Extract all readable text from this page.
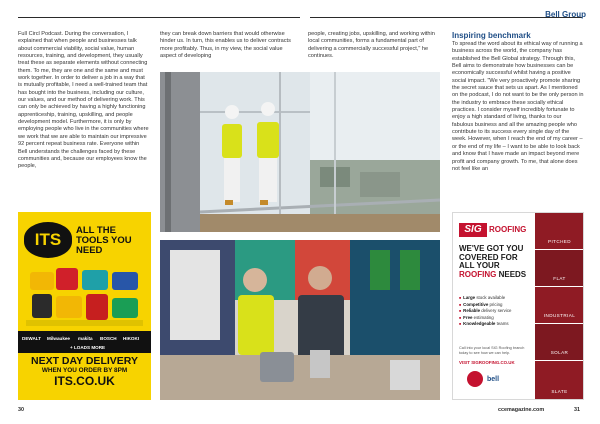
Bell Group

Full Circl Podcast. During the conversation, I explained that when people and businesses talk about commercial viability, social value, human resources, training, and development, they usually treat these as separate elements without connecting them. To me, they are one and the same and must work together. In order to deliver a job in a way that is mutually profitable, I need a well-trained team that has bought into the business, including our culture, our values, and our method of delivering work. This can only be achieved by having a highly functioning apprenticeship, training, upskilling, and people development model. Furthermore, it is only by employing people who live in the communities where we work that we are able to maintain our impressive 92 percent repeat business rate. Everyone within Bell understands the challenges faced by these communities and, because our employees know the people,

they can break down barriers that would otherwise hinder us. In turn, this enables us to deliver contracts more profitably. Thus, in my view, the social value aspect of developing

people, creating jobs, upskilling, and working within local communities, forms a fundamental part of delivering a commercially successful project," he continues.

Inspiring benchmark

To spread the word about its ethical way of running a business across the world, the company has established the Bell Global strategy. Through this, Bell aims to demonstrate how businesses can be economically successful whilst having a positive social impact. "We very proactively promote sharing the secret sauce that sets us apart. As I mentioned on the podcast, I do not want to be the only person in the industry to embrace these socially ethical practices. I consider myself incredibly fortunate to enjoy a high standard of living, thanks to our fabulous business and all the amazing people who contribute to its success every single day of the week. However, when I reach the end of my career – or the end of my life – I want to be able to look back and know that I have made an impact beyond mere profit and company growth. To me, that alone does not feel like an

ITS	ALL THE TOOLS YOU NEED
DEWALT Milwaukee makita BOSCH HIKOKI
+ LOADS MORE
NEXT DAY DELIVERY
WHEN YOU ORDER BY 8PM
ITS.CO.UK
SIG ROOFING
WE'VE GOT YOU COVERED FOR ALL YOUR ROOFING NEEDS
■ Large stock available
■ Competitive pricing
■ Reliable delivery service
■ Free estimating
■ Knowledgeable teams
Call into your local SIG Roofing branch today to see how we can help.
VISIT SIGROOFING.CO.UK
bell
PITCHED
FLAT
INDUSTRIAL
SOLAR
SLATE
30	ccemagazine.com	31
